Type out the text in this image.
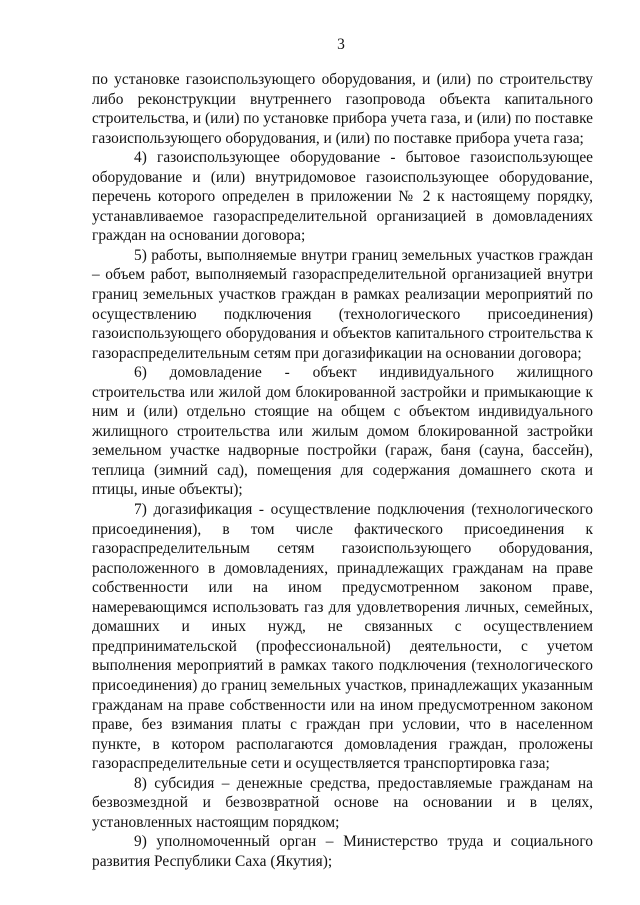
3

по установке газоиспользующего оборудования, и (или) по строительству либо реконструкции внутреннего газопровода объекта капитального строительства, и (или) по установке прибора учета газа, и (или) по поставке газоиспользующего оборудования, и (или) по поставке прибора учета газа;

4) газоиспользующее оборудование - бытовое газоиспользующее оборудование и (или) внутридомовое газоиспользующее оборудование, перечень которого определен в приложении № 2 к настоящему порядку, устанавливаемое газораспределительной организацией в домовладениях граждан на основании договора;

5) работы, выполняемые внутри границ земельных участков граждан – объем работ, выполняемый газораспределительной организацией внутри границ земельных участков граждан в рамках реализации мероприятий по осуществлению подключения (технологического присоединения) газоиспользующего оборудования и объектов капитального строительства к газораспределительным сетям при догазификации на основании договора;

6) домовладение - объект индивидуального жилищного строительства или жилой дом блокированной застройки и примыкающие к ним и (или) отдельно стоящие на общем с объектом индивидуального жилищного строительства или жилым домом блокированной застройки земельном участке надворные постройки (гараж, баня (сауна, бассейн), теплица (зимний сад), помещения для содержания домашнего скота и птицы, иные объекты);

7) догазификация - осуществление подключения (технологического присоединения), в том числе фактического присоединения к газораспределительным сетям газоиспользующего оборудования, расположенного в домовладениях, принадлежащих гражданам на праве собственности или на ином предусмотренном законом праве, намеревающимся использовать газ для удовлетворения личных, семейных, домашних и иных нужд, не связанных с осуществлением предпринимательской (профессиональной) деятельности, с учетом выполнения мероприятий в рамках такого подключения (технологического присоединения) до границ земельных участков, принадлежащих указанным гражданам на праве собственности или на ином предусмотренном законом праве, без взимания платы с граждан при условии, что в населенном пункте, в котором располагаются домовладения граждан, проложены газораспределительные сети и осуществляется транспортировка газа;

8) субсидия – денежные средства, предоставляемые гражданам на безвозмездной и безвозвратной основе на основании и в целях, установленных настоящим порядком;

9) уполномоченный орган – Министерство труда и социального развития Республики Саха (Якутия);
